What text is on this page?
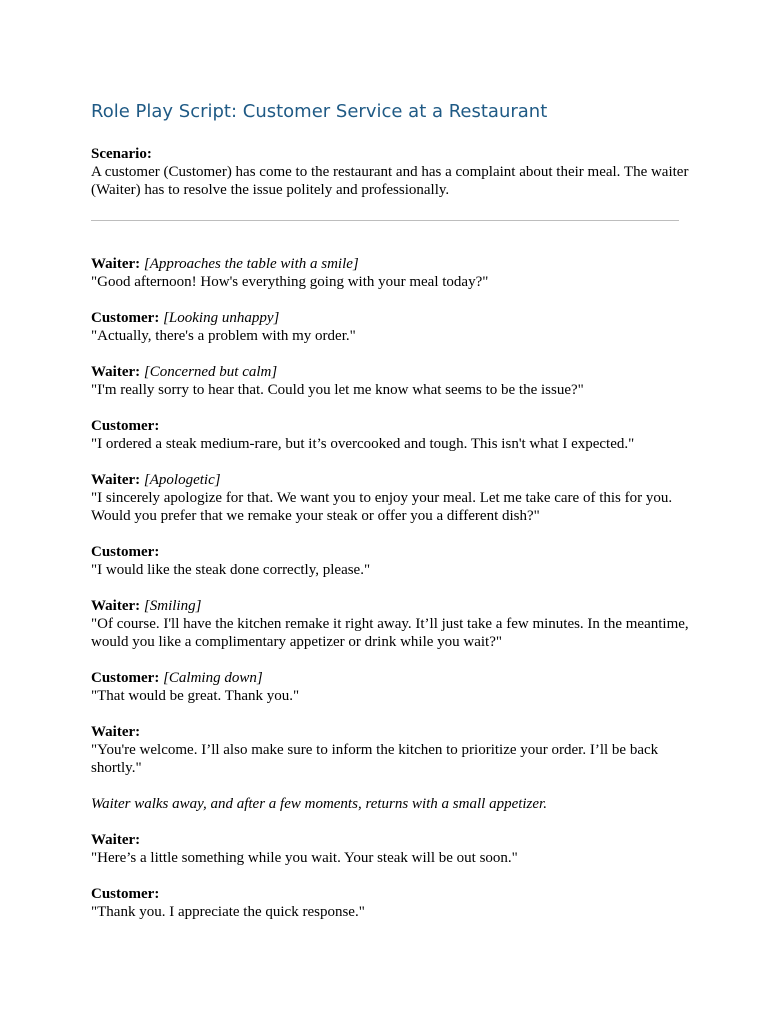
Role Play Script: Customer Service at a Restaurant
Scenario:
A customer (Customer) has come to the restaurant and has a complaint about their meal. The waiter (Waiter) has to resolve the issue politely and professionally.
Waiter: [Approaches the table with a smile]
"Good afternoon! How's everything going with your meal today?"
Customer: [Looking unhappy]
"Actually, there's a problem with my order."
Waiter: [Concerned but calm]
"I'm really sorry to hear that. Could you let me know what seems to be the issue?"
Customer:
"I ordered a steak medium-rare, but it’s overcooked and tough. This isn't what I expected."
Waiter: [Apologetic]
"I sincerely apologize for that. We want you to enjoy your meal. Let me take care of this for you. Would you prefer that we remake your steak or offer you a different dish?"
Customer:
"I would like the steak done correctly, please."
Waiter: [Smiling]
"Of course. I'll have the kitchen remake it right away. It’ll just take a few minutes. In the meantime, would you like a complimentary appetizer or drink while you wait?"
Customer: [Calming down]
"That would be great. Thank you."
Waiter:
"You're welcome. I’ll also make sure to inform the kitchen to prioritize your order. I’ll be back shortly."
Waiter walks away, and after a few moments, returns with a small appetizer.
Waiter:
"Here’s a little something while you wait. Your steak will be out soon."
Customer:
"Thank you. I appreciate the quick response."
